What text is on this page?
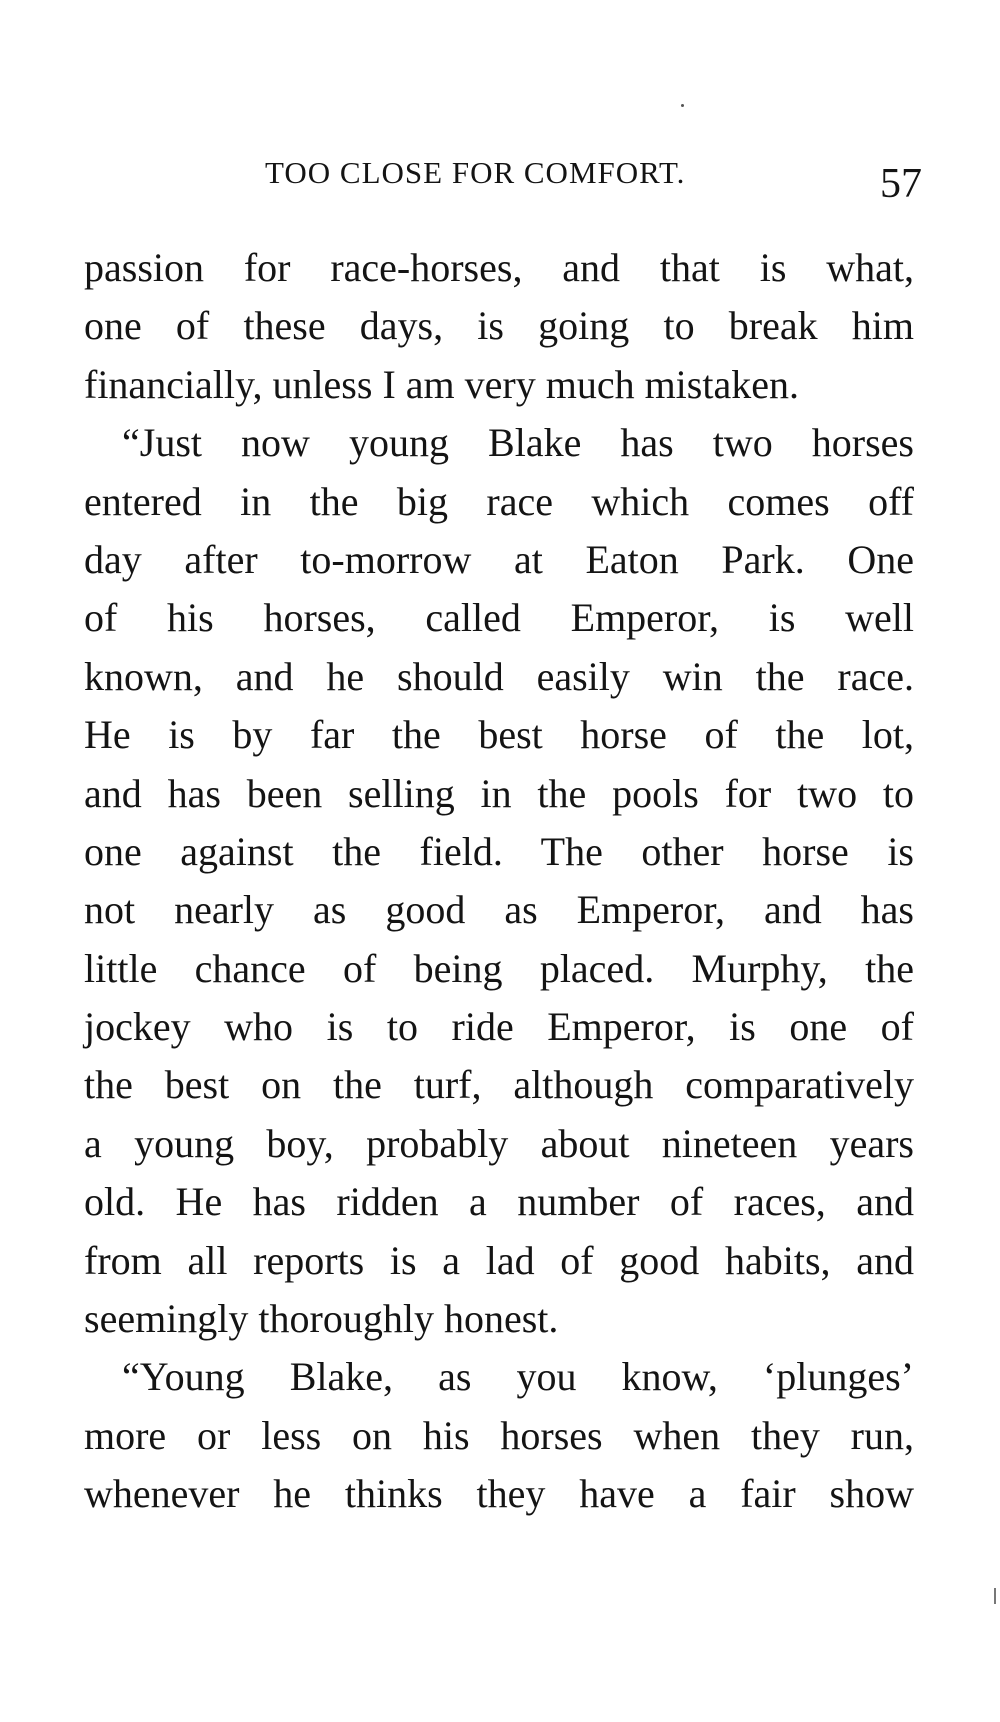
TOO CLOSE FOR COMFORT.	57
passion for race-horses, and that is what,
one of these days, is going to break him
financially, unless I am very much mistaken.
“Just now young Blake has two horses
entered in the big race which comes off
day after to-morrow at Eaton Park. One
of his horses, called Emperor, is well
known, and he should easily win the race.
He is by far the best horse of the lot,
and has been selling in the pools for two to
one against the field. The other horse is
not nearly as good as Emperor, and has
little chance of being placed. Murphy, the
jockey who is to ride Emperor, is one of
the best on the turf, although comparatively
a young boy, probably about nineteen years
old. He has ridden a number of races, and
from all reports is a lad of good habits, and
seemingly thoroughly honest.
“Young Blake, as you know, ‘plunges’
more or less on his horses when they run,
whenever he thinks they have a fair show
